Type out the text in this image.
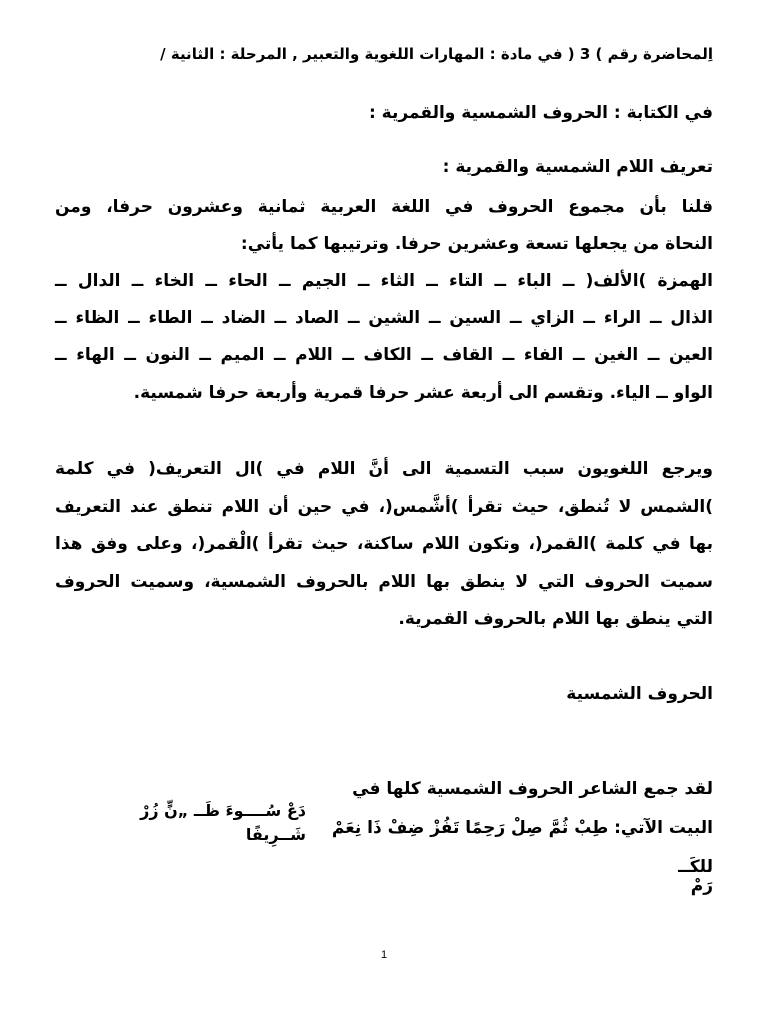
اِلمحاضرة رقم ) 3 ( في مادة : المهارات اللغوية والتعبير , المرحلة : الثانية /
في الكتابة : الحروف الشمسية والقمرية :
تعريف اللام الشمسية والقمرية :
قلنا بأن مجموع الحروف في اللغة العربية ثمانية وعشرون حرفا، ومن
النحاة من يجعلها تسعة وعشرين حرفا. وترتيبها كما يأتي:
الهمزة )الألف( ــ الباء ــ التاء ــ الثاء ــ الجيم ــ الحاء ــ الخاء ــ الدال ــ
الذال ــ الراء ــ الزاي ــ السين ــ الشين ــ الصاد ــ الضاد ــ الطاء ــ الظاء ــ
العين ــ الغين ــ الفاء ــ القاف ــ الكاف ــ اللام ــ الميم ــ النون ــ الهاء ــ
الواو ــ الياء. وتقسم الى أربعة عشر حرفا قمرية وأربعة حرفا شمسية.
ويرجع اللغويون سبب التسمية الى أنَّ اللام في )ال التعريف( في كلمة
)الشمس لا تُنطق، حيث تقرأ )أشَّمس(، في حين أن اللام تنطق عند التعريف
بها في كلمة )القمر(، وتكون اللام ساكنة، حيث تقرأ )الْقمر(، وعلى وفق هذا
سميت الحروف التي لا ينطق بها اللام بالحروف الشمسية، وسميت الحروف
التي ينطق بها اللام بالحروف القمرية.
الحروف الشمسية
لقد جمع الشاعر الحروف الشمسية كلها في
البيت الآتي: طِبْ ثُمَّ صِلْ رَحِمًا تَفُزْ ضِفْ ذَا نِعَمْ
للكَــ
رَمْ
دَعْ سُــــوءَ ظَــ „نٍّ زُرْ
شَــرِيفًا
1
